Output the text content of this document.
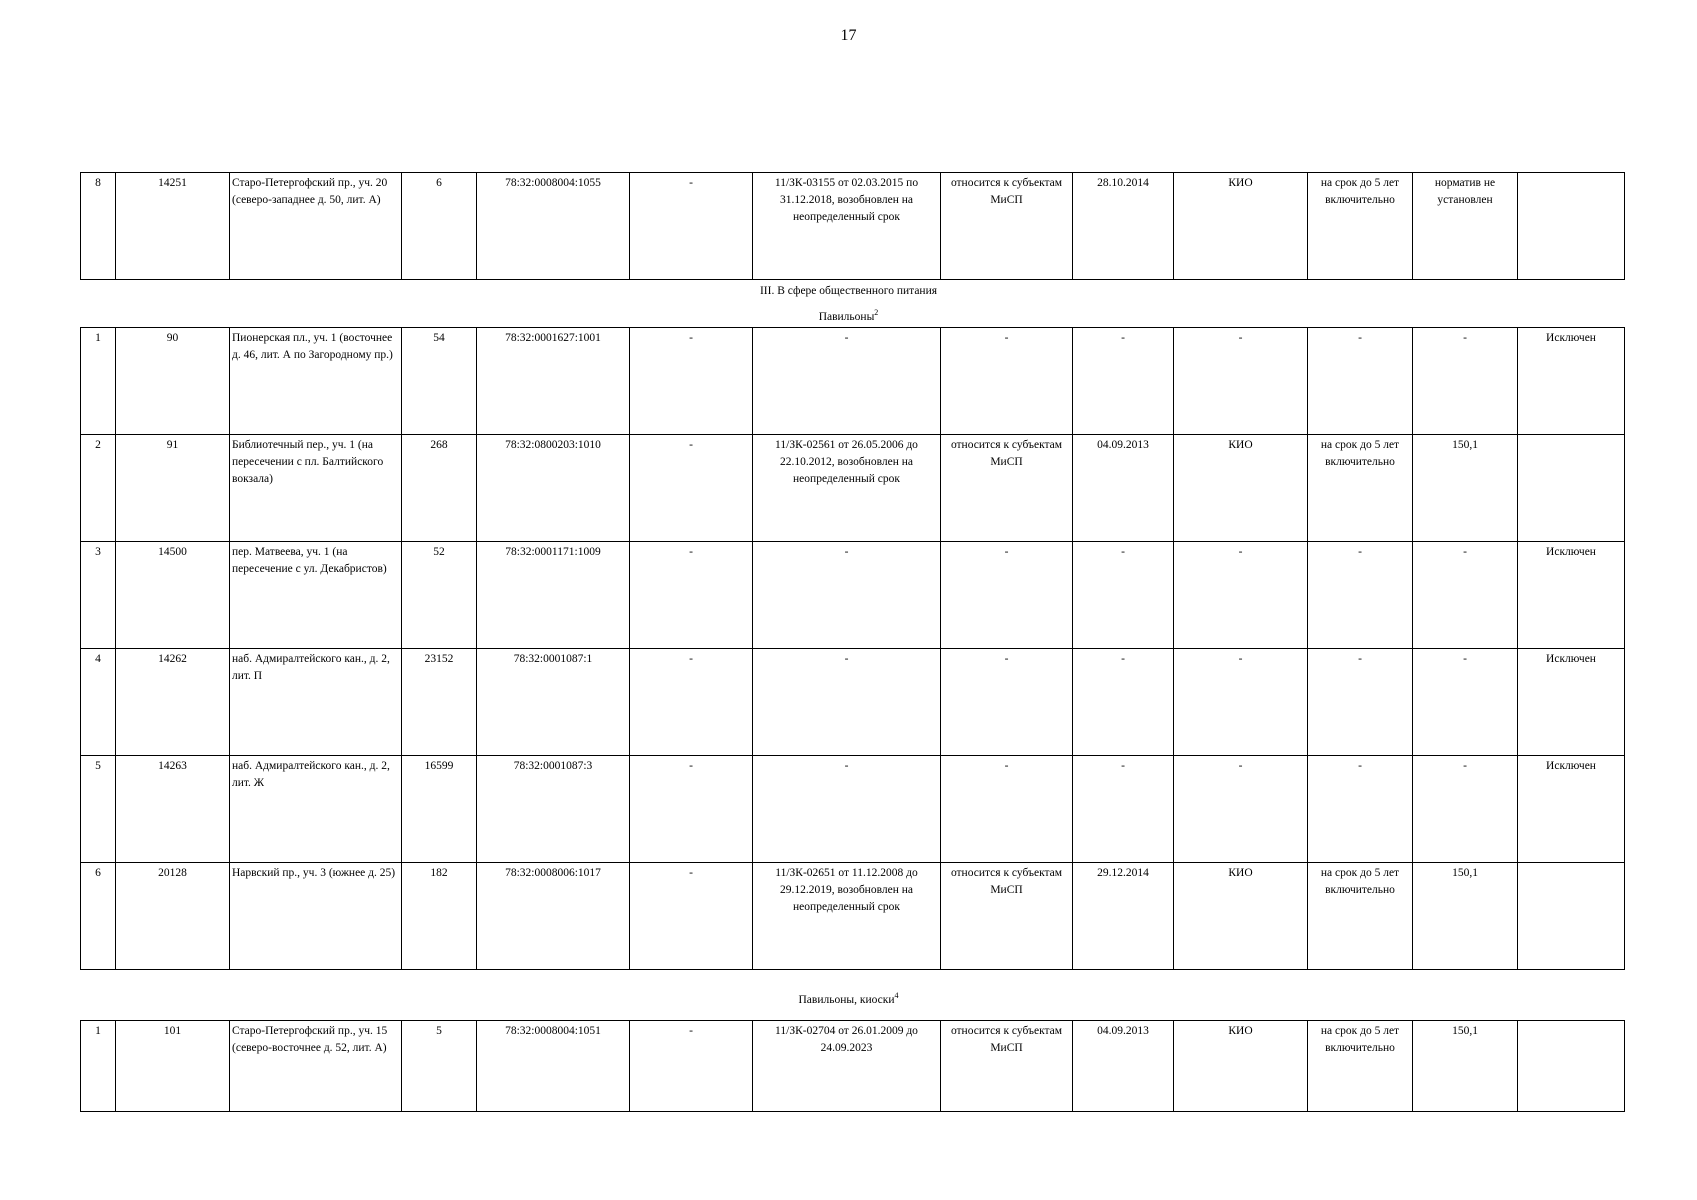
17
8	14251	Старо-Петергофский пр., уч. 20 (северо-западнее д. 50, лит. А)	6	78:32:0008004:1055	-	11/ЗК-03155 от 02.03.2015 по 31.12.2018, возобновлен на неопределенный срок	относится к субъектам МиСП	28.10.2014	КИО	на срок до 5 лет включительно	норматив не установлен	
III. В сфере общественного питания
Павильоны$^2$
1	90	Пионерская пл., уч. 1 (восточнее д. 46, лит. А по Загородному пр.)	54	78:32:0001627:1001	-	-	-	-	-	-	-	Исключен
2	91	Библиотечный пер., уч. 1 (на пересечении с пл. Балтийского вокзала)	268	78:32:0800203:1010	-	11/ЗК-02561 от 26.05.2006 до 22.10.2012, возобновлен на неопределенный срок	относится к субъектам МиСП	04.09.2013	КИО	на срок до 5 лет включительно	150,1	
3	14500	пер. Матвеева, уч. 1 (на пересечение с ул. Декабристов)	52	78:32:0001171:1009	-	-	-	-	-	-	-	Исключен
4	14262	наб. Адмиралтейского кан., д. 2, лит. П	23152	78:32:0001087:1	-	-	-	-	-	-	-	Исключен
5	14263	наб. Адмиралтейского кан., д. 2, лит. Ж	16599	78:32:0001087:3	-	-	-	-	-	-	-	Исключен
6	20128	Нарвский пр., уч. 3 (южнее д. 25)	182	78:32:0008006:1017	-	11/ЗК-02651 от 11.12.2008 до 29.12.2019, возобновлен на неопределенный срок	относится к субъектам МиСП	29.12.2014	КИО	на срок до 5 лет включительно	150,1	
Павильоны, киоски$^4$
1	101	Старо-Петергофский пр., уч. 15 (северо-восточнее д. 52, лит. А)	5	78:32:0008004:1051	-	11/ЗК-02704 от 26.01.2009 до 24.09.2023	относится к субъектам МиСП	04.09.2013	КИО	на срок до 5 лет включительно	150,1	
